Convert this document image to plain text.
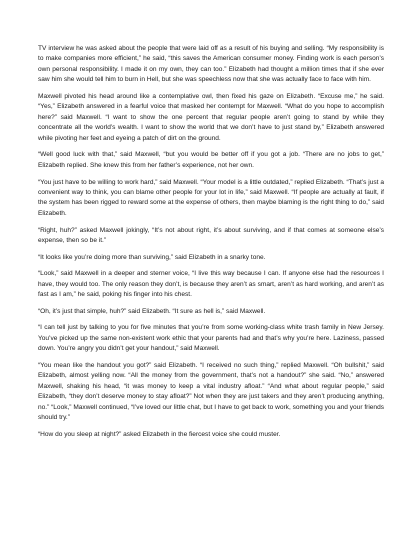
TV interview he was asked about the people that were laid off as a result of his buying and selling. “My responsibility is to make companies more efficient,” he said, “this saves the American consumer money. Finding work is each person’s own personal responsibility. I made it on my own, they can too.” Elizabeth had thought a million times that if she ever saw him she would tell him to burn in Hell, but she was speechless now that she was actually face to face with him.

Maxwell pivoted his head around like a contemplative owl, then fixed his gaze on Elizabeth. “Excuse me,” he said. “Yes,” Elizabeth answered in a fearful voice that masked her contempt for Maxwell. “What do you hope to accomplish here?” said Maxwell. “I want to show the one percent that regular people aren’t going to stand by while they concentrate all the world’s wealth. I want to show the world that we don’t have to just stand by,” Elizabeth answered while pivoting her feet and eyeing a patch of dirt on the ground.

“Well good luck with that,” said Maxwell, “but you would be better off if you got a job. “There are no jobs to get,” Elizabeth replied. She knew this from her father’s experience, not her own.

“You just have to be willing to work hard,” said Maxwell. “Your model is a little outdated,” replied Elizabeth. “That’s just a convenient way to think, you can blame other people for your lot in life,” said Maxwell. “If people are actually at fault, if the system has been rigged to reward some at the expense of others, then maybe blaming is the right thing to do,” said Elizabeth.

“Right, huh?” asked Maxwell jokingly, “It’s not about right, it’s about surviving, and if that comes at someone else’s expense, then so be it.”

“It looks like you’re doing more than surviving,” said Elizabeth in a snarky tone.

“Look,” said Maxwell in a deeper and sterner voice, “I live this way because I can. If anyone else had the resources I have, they would too. The only reason they don’t, is because they aren’t as smart, aren’t as hard working, and aren’t as fast as I am,” he said, poking his finger into his chest.

“Oh, it’s just that simple, huh?” said Elizabeth. “It sure as hell is,” said Maxwell.

“I can tell just by talking to you for five minutes that you’re from some working-class white trash family in New Jersey. You’ve picked up the same non-existent work ethic that your parents had and that’s why you’re here. Laziness, passed down. You’re angry you didn’t get your handout,” said Maxwell.

“You mean like the handout you got?” said Elizabeth. “I received no such thing,” replied Maxwell. “Oh bullshit,” said Elizabeth, almost yelling now. “All the money from the government, that’s not a handout?” she said. “No,” answered Maxwell, shaking his head, “it was money to keep a vital industry afloat.” “And what about regular people,” said Elizabeth, “they don’t deserve money to stay afloat?” Not when they are just takers and they aren’t producing anything, no.” “Look,” Maxwell continued, “I’ve loved our little chat, but I have to get back to work, something you and your friends should try.”

“How do you sleep at night?” asked Elizabeth in the fiercest voice she could muster.
